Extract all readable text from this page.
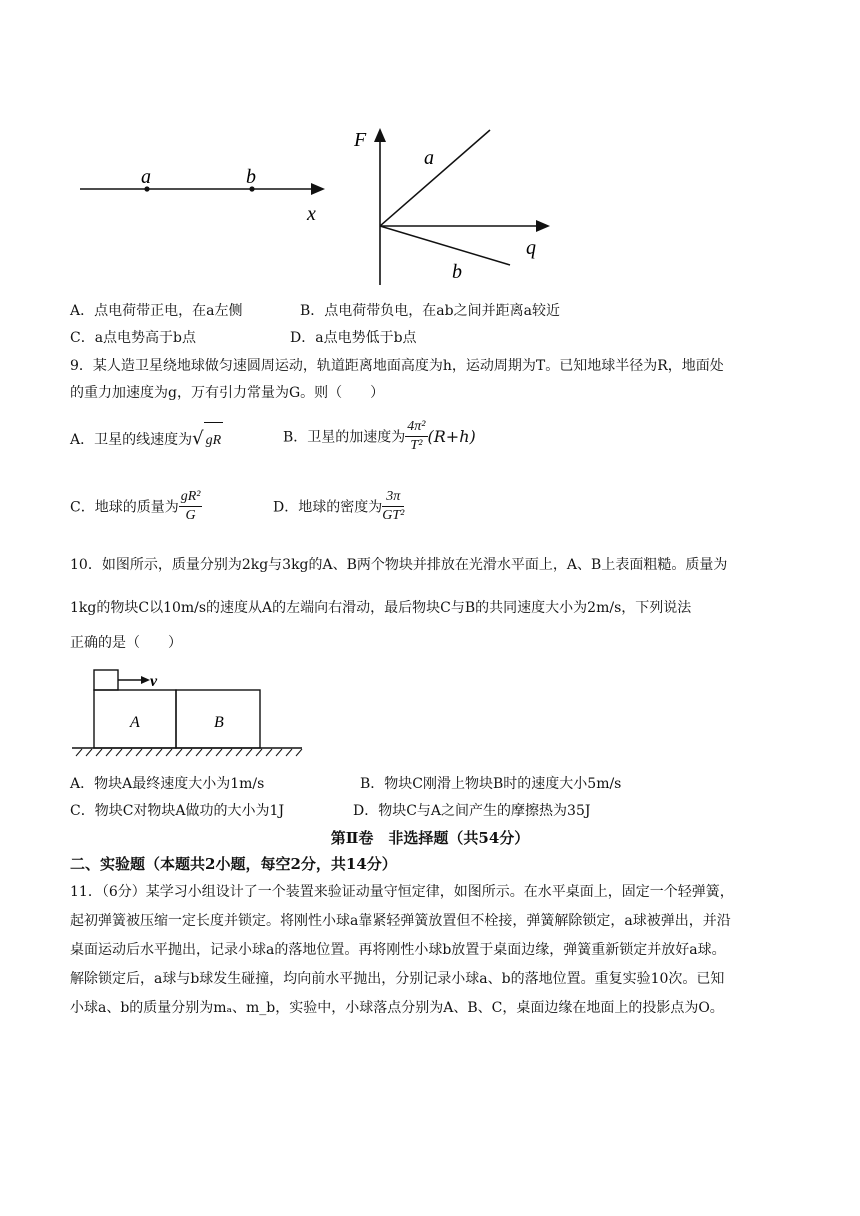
a	b
x
F
q
a
b
A．点电荷带正电，在a左侧	B．点电荷带负电，在ab之间并距离a较近
C．a点电势高于b点	D．a点电势低于b点
9．某人造卫星绕地球做匀速圆周运动，轨道距离地面高度为h，运动周期为T。已知地球半径为R，地面处
的重力加速度为g，万有引力常量为G。则（　　）
A．卫星的线速度为√ gR	B．卫星的加速度为 $\frac{\text{4π²}}{\text{T²}} (R+h)$
C．地球的质量为 $\frac{\text{gR²}}{G}$	D．地球的密度为 $\frac{3\pi}{\text{GT²}}$
10．如图所示，质量分别为2kg与3kg的A、B两个物块并排放在光滑水平面上，A、B上表面粗糙。质量为
1kg的物块C以10m/s的速度从A的左端向右滑动，最后物块C与B的共同速度大小为2m/s，下列说法
正确的是（　　）
v
A	B
A．物块A最终速度大小为1m/s	B．物块C刚滑上物块B时的速度大小5m/s
C．物块C对物块A做功的大小为1J	D．物块C与A之间产生的摩擦热为35J
第Ⅱ卷　非选择题（共54分）
二、实验题（本题共2小题，每空2分，共14分）
11．（6分）某学习小组设计了一个装置来验证动量守恒定律，如图所示。在水平桌面上，固定一个轻弹簧，
起初弹簧被压缩一定长度并锁定。将刚性小球a靠紧轻弹簧放置但不栓接，弹簧解除锁定，a球被弹出，并沿
桌面运动后水平抛出，记录小球a的落地位置。再将刚性小球b放置于桌面边缘，弹簧重新锁定并放好a球。
解除锁定后，a球与b球发生碰撞，均向前水平抛出，分别记录小球a、b的落地位置。重复实验10次。已知
小球a、b的质量分别为mₐ、m_b，实验中，小球落点分别为A、B、C，桌面边缘在地面上的投影点为O。
